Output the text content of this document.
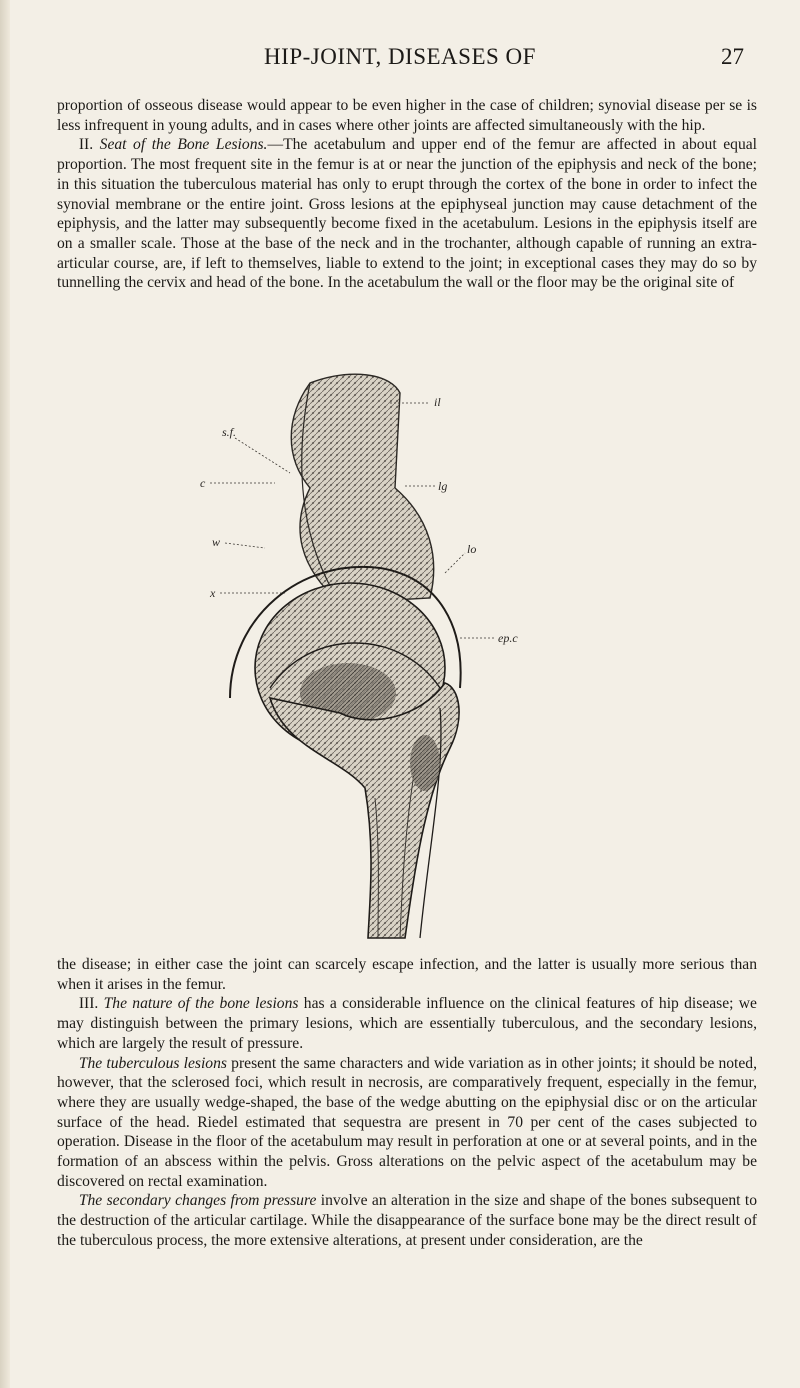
HIP-JOINT, DISEASES OF	27

proportion of osseous disease would appear to be even higher in the case of children; synovial disease per se is less infrequent in young adults, and in cases where other joints are affected simultaneously with the hip.

II. Seat of the Bone Lesions.—The acetabulum and upper end of the femur are affected in about equal proportion. The most frequent site in the femur is at or near the junction of the epiphysis and neck of the bone; in this situation the tuberculous material has only to erupt through the cortex of the bone in order to infect the synovial membrane or the entire joint. Gross lesions at the epiphyseal junction may cause detachment of the epiphysis, and the latter may subsequently become fixed in the acetabulum. Lesions in the epiphysis itself are on a smaller scale. Those at the base of the neck and in the trochanter, although capable of running an extra-articular course, are, if left to themselves, liable to extend to the joint; in exceptional cases they may do so by tunnelling the cervix and head of the bone. In the acetabulum the wall or the floor may be the original site of

il
s.f.
c	lg
lo
w
x
ep.c

the disease; in either case the joint can scarcely escape infection, and the latter is usually more serious than when it arises in the femur.

III. The nature of the bone lesions has a considerable influence on the clinical features of hip disease; we may distinguish between the primary lesions, which are essentially tuberculous, and the secondary lesions, which are largely the result of pressure.

The tuberculous lesions present the same characters and wide variation as in other joints; it should be noted, however, that the sclerosed foci, which result in necrosis, are comparatively frequent, especially in the femur, where they are usually wedge-shaped, the base of the wedge abutting on the epiphysial disc or on the articular surface of the head. Riedel estimated that sequestra are present in 70 per cent of the cases subjected to operation. Disease in the floor of the acetabulum may result in perforation at one or at several points, and in the formation of an abscess within the pelvis. Gross alterations on the pelvic aspect of the acetabulum may be discovered on rectal examination.

The secondary changes from pressure involve an alteration in the size and shape of the bones subsequent to the destruction of the articular cartilage. While the disappearance of the surface bone may be the direct result of the tuberculous process, the more extensive alterations, at present under consideration, are the
